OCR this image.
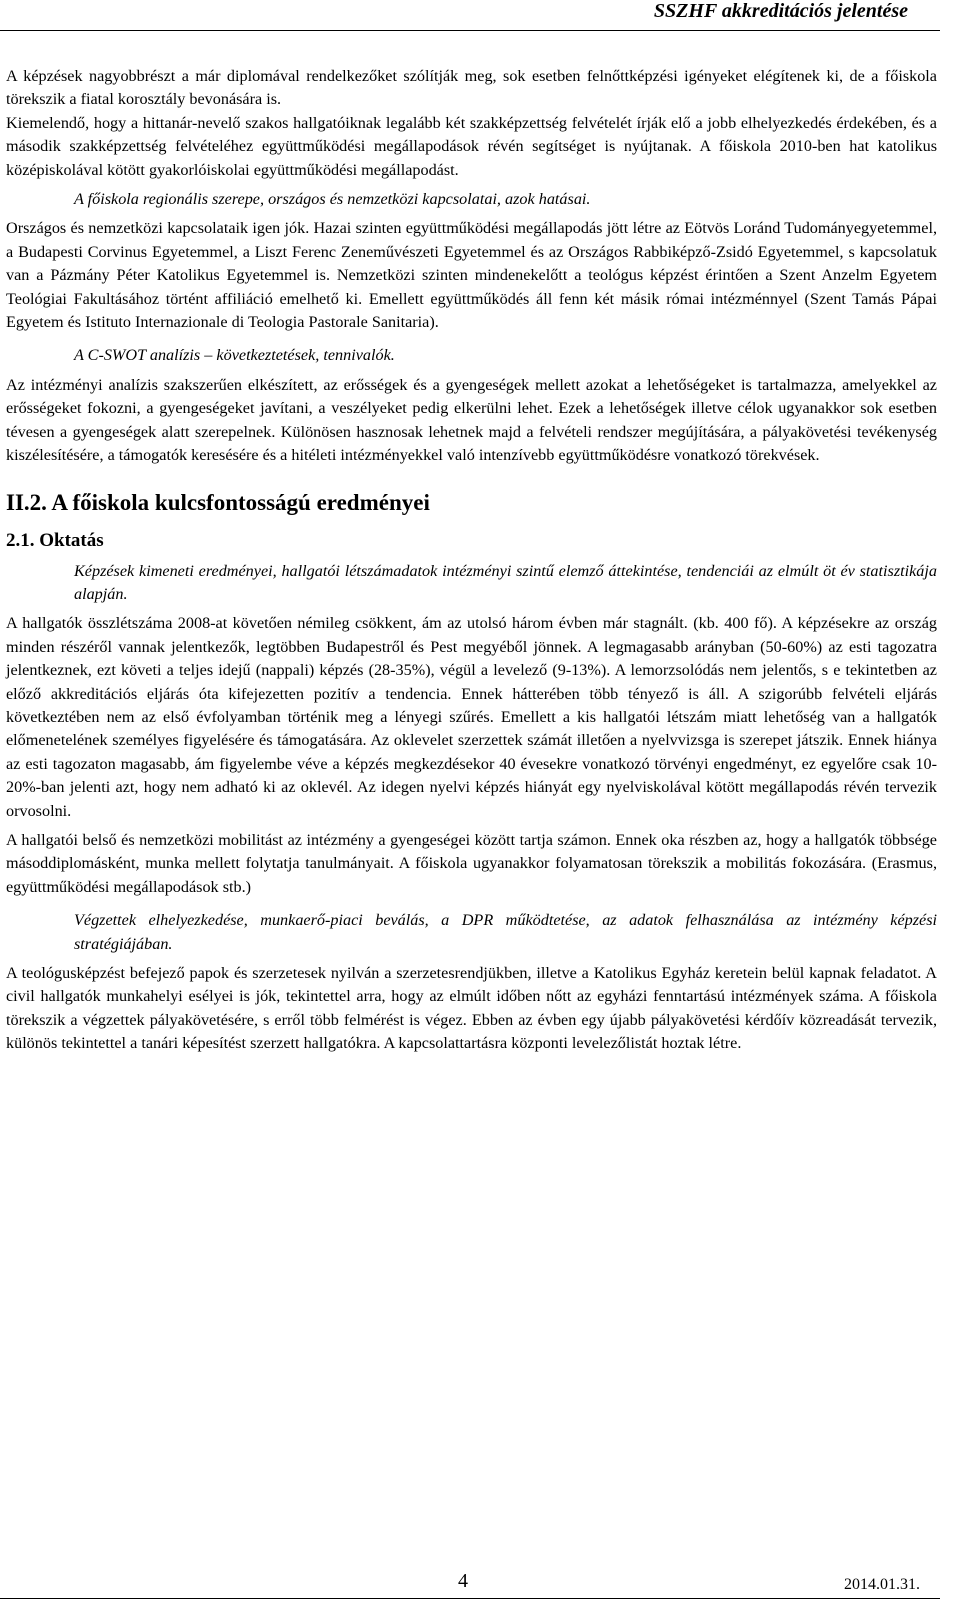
SSZHF akkreditációs jelentése

A képzések nagyobbrészt a már diplomával rendelkezőket szólítják meg, sok esetben felnőttképzési igényeket elégítenek ki, de a főiskola törekszik a fiatal korosztály bevonására is.

Kiemelendő, hogy a hittanár-nevelő szakos hallgatóiknak legalább két szakképzettség felvételét írják elő a jobb elhelyezkedés érdekében, és a második szakképzettség felvételéhez együttműködési megállapodások révén segítséget is nyújtanak. A főiskola 2010-ben hat katolikus középiskolával kötött gyakorlóiskolai együttműködési megállapodást.

A főiskola regionális szerepe, országos és nemzetközi kapcsolatai, azok hatásai.

Országos és nemzetközi kapcsolataik igen jók. Hazai szinten együttműködési megállapodás jött létre az Eötvös Loránd Tudományegyetemmel, a Budapesti Corvinus Egyetemmel, a Liszt Ferenc Zeneművészeti Egyetemmel és az Országos Rabbiképző-Zsidó Egyetemmel, s kapcsolatuk van a Pázmány Péter Katolikus Egyetemmel is. Nemzetközi szinten mindenekelőtt a teológus képzést érintően a Szent Anzelm Egyetem Teológiai Fakultásához történt affiliáció emelhető ki. Emellett együttműködés áll fenn két másik római intézménnyel (Szent Tamás Pápai Egyetem és Istituto Internazionale di Teologia Pastorale Sanitaria).

A C-SWOT analízis – következtetések, tennivalók.

Az intézményi analízis szakszerűen elkészített, az erősségek és a gyengeségek mellett azokat a lehetőségeket is tartalmazza, amelyekkel az erősségeket fokozni, a gyengeségeket javítani, a veszélyeket pedig elkerülni lehet. Ezek a lehetőségek illetve célok ugyanakkor sok esetben tévesen a gyengeségek alatt szerepelnek. Különösen hasznosak lehetnek majd a felvételi rendszer megújítására, a pályakövetési tevékenység kiszélesítésére, a támogatók keresésére és a hitéleti intézményekkel való intenzívebb együttműködésre vonatkozó törekvések.

II.2. A főiskola kulcsfontosságú eredményei

2.1. Oktatás

Képzések kimeneti eredményei, hallgatói létszámadatok intézményi szintű elemző áttekintése, tendenciái az elmúlt öt év statisztikája alapján.

A hallgatók összlétszáma 2008-at követően némileg csökkent, ám az utolsó három évben már stagnált. (kb. 400 fő). A képzésekre az ország minden részéről vannak jelentkezők, legtöbben Budapestről és Pest megyéből jönnek. A legmagasabb arányban (50-60%) az esti tagozatra jelentkeznek, ezt követi a teljes idejű (nappali) képzés (28-35%), végül a levelező (9-13%). A lemorzsolódás nem jelentős, s e tekintetben az előző akkreditációs eljárás óta kifejezetten pozitív a tendencia. Ennek hátterében több tényező is áll. A szigorúbb felvételi eljárás következtében nem az első évfolyamban történik meg a lényegi szűrés. Emellett a kis hallgatói létszám miatt lehetőség van a hallgatók előmenetelének személyes figyelésére és támogatására. Az oklevelet szerzettek számát illetően a nyelvvizsga is szerepet játszik. Ennek hiánya az esti tagozaton magasabb, ám figyelembe véve a képzés megkezdésekor 40 évesekre vonatkozó törvényi engedményt, ez egyelőre csak 10-20%-ban jelenti azt, hogy nem adható ki az oklevél. Az idegen nyelvi képzés hiányát egy nyelviskolával kötött megállapodás révén tervezik orvosolni.

A hallgatói belső és nemzetközi mobilitást az intézmény a gyengeségei között tartja számon. Ennek oka részben az, hogy a hallgatók többsége másoddiplomásként, munka mellett folytatja tanulmányait. A főiskola ugyanakkor folyamatosan törekszik a mobilitás fokozására. (Erasmus, együttműködési megállapodások stb.)

Végzettek elhelyezkedése, munkaerő-piaci beválás, a DPR működtetése, az adatok felhasználása az intézmény képzési stratégiájában.

A teológusképzést befejező papok és szerzetesek nyilván a szerzetesrendjükben, illetve a Katolikus Egyház keretein belül kapnak feladatot. A civil hallgatók munkahelyi esélyei is jók, tekintettel arra, hogy az elmúlt időben nőtt az egyházi fenntartású intézmények száma. A főiskola törekszik a végzettek pályakövetésére, s erről több felmérést is végez. Ebben az évben egy újabb pályakövetési kérdőív közreadását tervezik, különös tekintettel a tanári képesítést szerzett hallgatókra. A kapcsolattartásra központi levelezőlistát hoztak létre.

4	2014.01.31.
